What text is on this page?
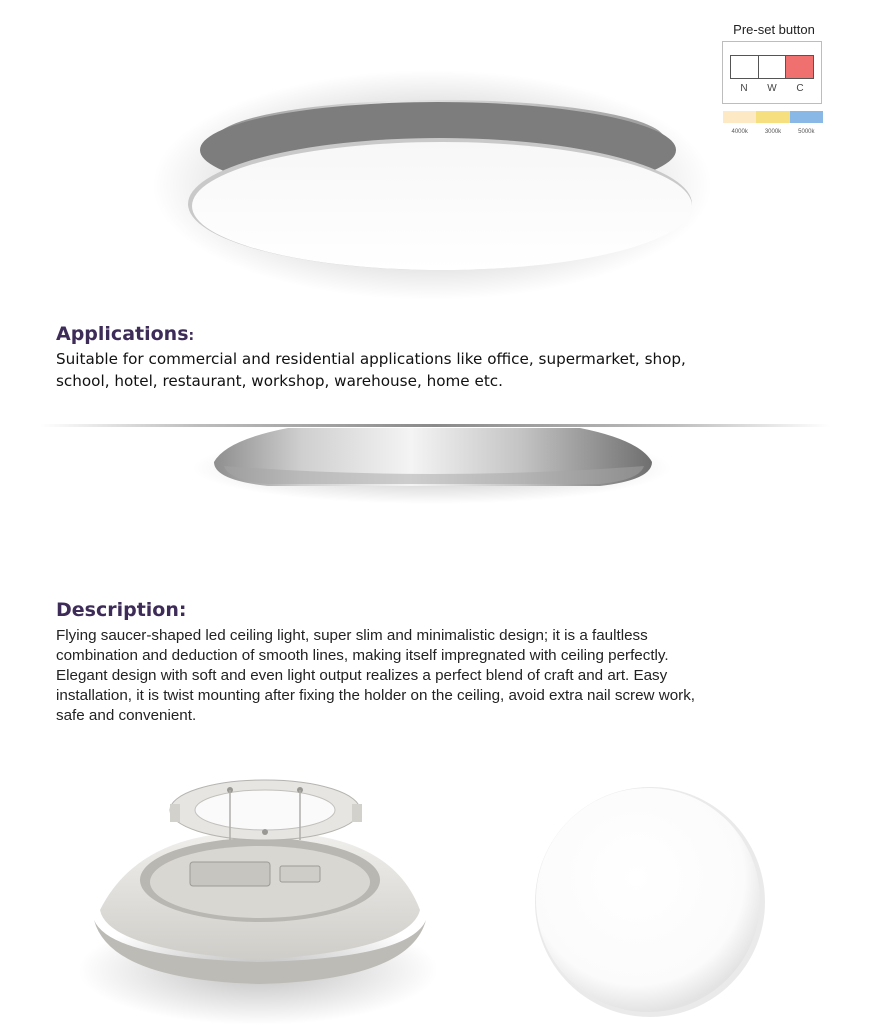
Pre-set button
N	W	C
4000k	3000k	5000k
Applications:
Suitable for commercial and residential applications like office, supermarket, shop,
school, hotel, restaurant, workshop, warehouse, home etc.
Description:
Flying saucer-shaped led ceiling light, super slim and minimalistic design; it is a faultless
combination and deduction of smooth lines, making itself impregnated with ceiling perfectly.
Elegant design with soft and even light output realizes a perfect blend of craft and art. Easy
installation, it is twist mounting after fixing the holder on the ceiling, avoid extra nail screw work,
safe and convenient.
